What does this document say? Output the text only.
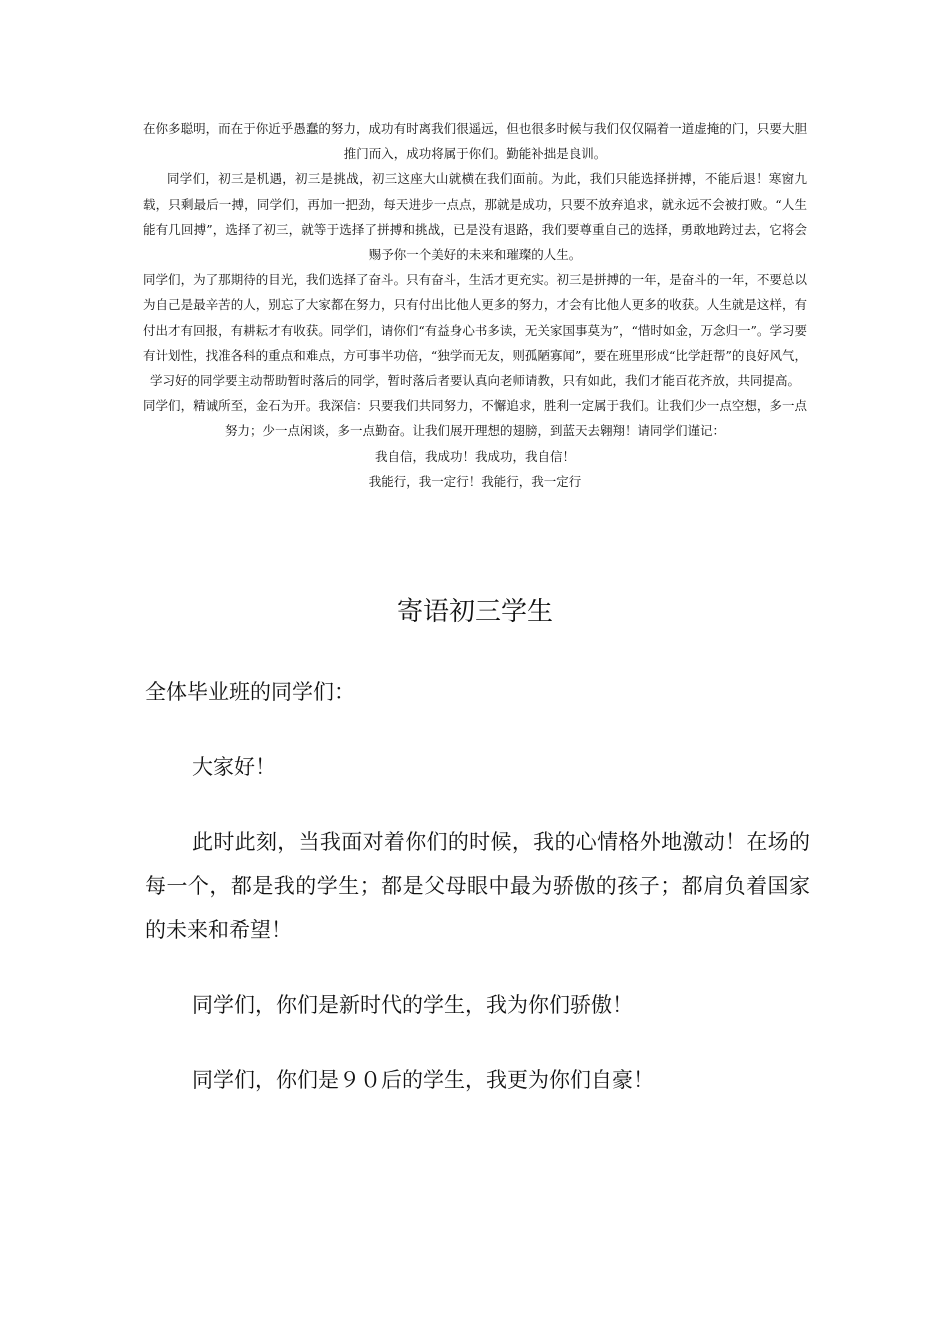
在你多聪明，而在于你近乎愚蠢的努力，成功有时离我们很遥远，但也很多时候与我们仅仅隔着一道虚掩的门，只要大胆推门而入，成功将属于你们。勤能补拙是良训。

同学们，初三是机遇，初三是挑战，初三这座大山就横在我们面前。为此，我们只能选择拼搏，不能后退！寒窗九载，只剩最后一搏，同学们，再加一把劲，每天进步一点点，那就是成功，只要不放弃追求，就永远不会被打败。“人生能有几回搏”，选择了初三，就等于选择了拼搏和挑战，已是没有退路，我们要尊重自己的选择，勇敢地跨过去，它将会赐予你一个美好的未来和璀璨的人生。

同学们，为了那期待的目光，我们选择了奋斗。只有奋斗，生活才更充实。初三是拼搏的一年，是奋斗的一年，不要总以为自己是最辛苦的人，别忘了大家都在努力，只有付出比他人更多的努力，才会有比他人更多的收获。人生就是这样，有付出才有回报，有耕耘才有收获。同学们，请你们“有益身心书多读，无关家国事莫为”，“惜时如金，万念归一”。学习要有计划性，找准各科的重点和难点，方可事半功倍，“独学而无友，则孤陋寡闻”，要在班里形成“比学赶帮”的良好风气，学习好的同学要主动帮助暂时落后的同学，暂时落后者要认真向老师请教，只有如此，我们才能百花齐放，共同提高。

同学们，精诚所至，金石为开。我深信：只要我们共同努力，不懈追求，胜利一定属于我们。让我们少一点空想，多一点努力；少一点闲谈，多一点勤奋。让我们展开理想的翅膀，到蓝天去翱翔！请同学们谨记：

我自信，我成功！我成功，我自信！

我能行，我一定行！我能行，我一定行

寄语初三学生

全体毕业班的同学们：

大家好！

此时此刻，当我面对着你们的时候，我的心情格外地激动！在场的每一个，都是我的学生；都是父母眼中最为骄傲的孩子；都肩负着国家的未来和希望！

同学们，你们是新时代的学生，我为你们骄傲！

同学们，你们是９０后的学生，我更为你们自豪！
